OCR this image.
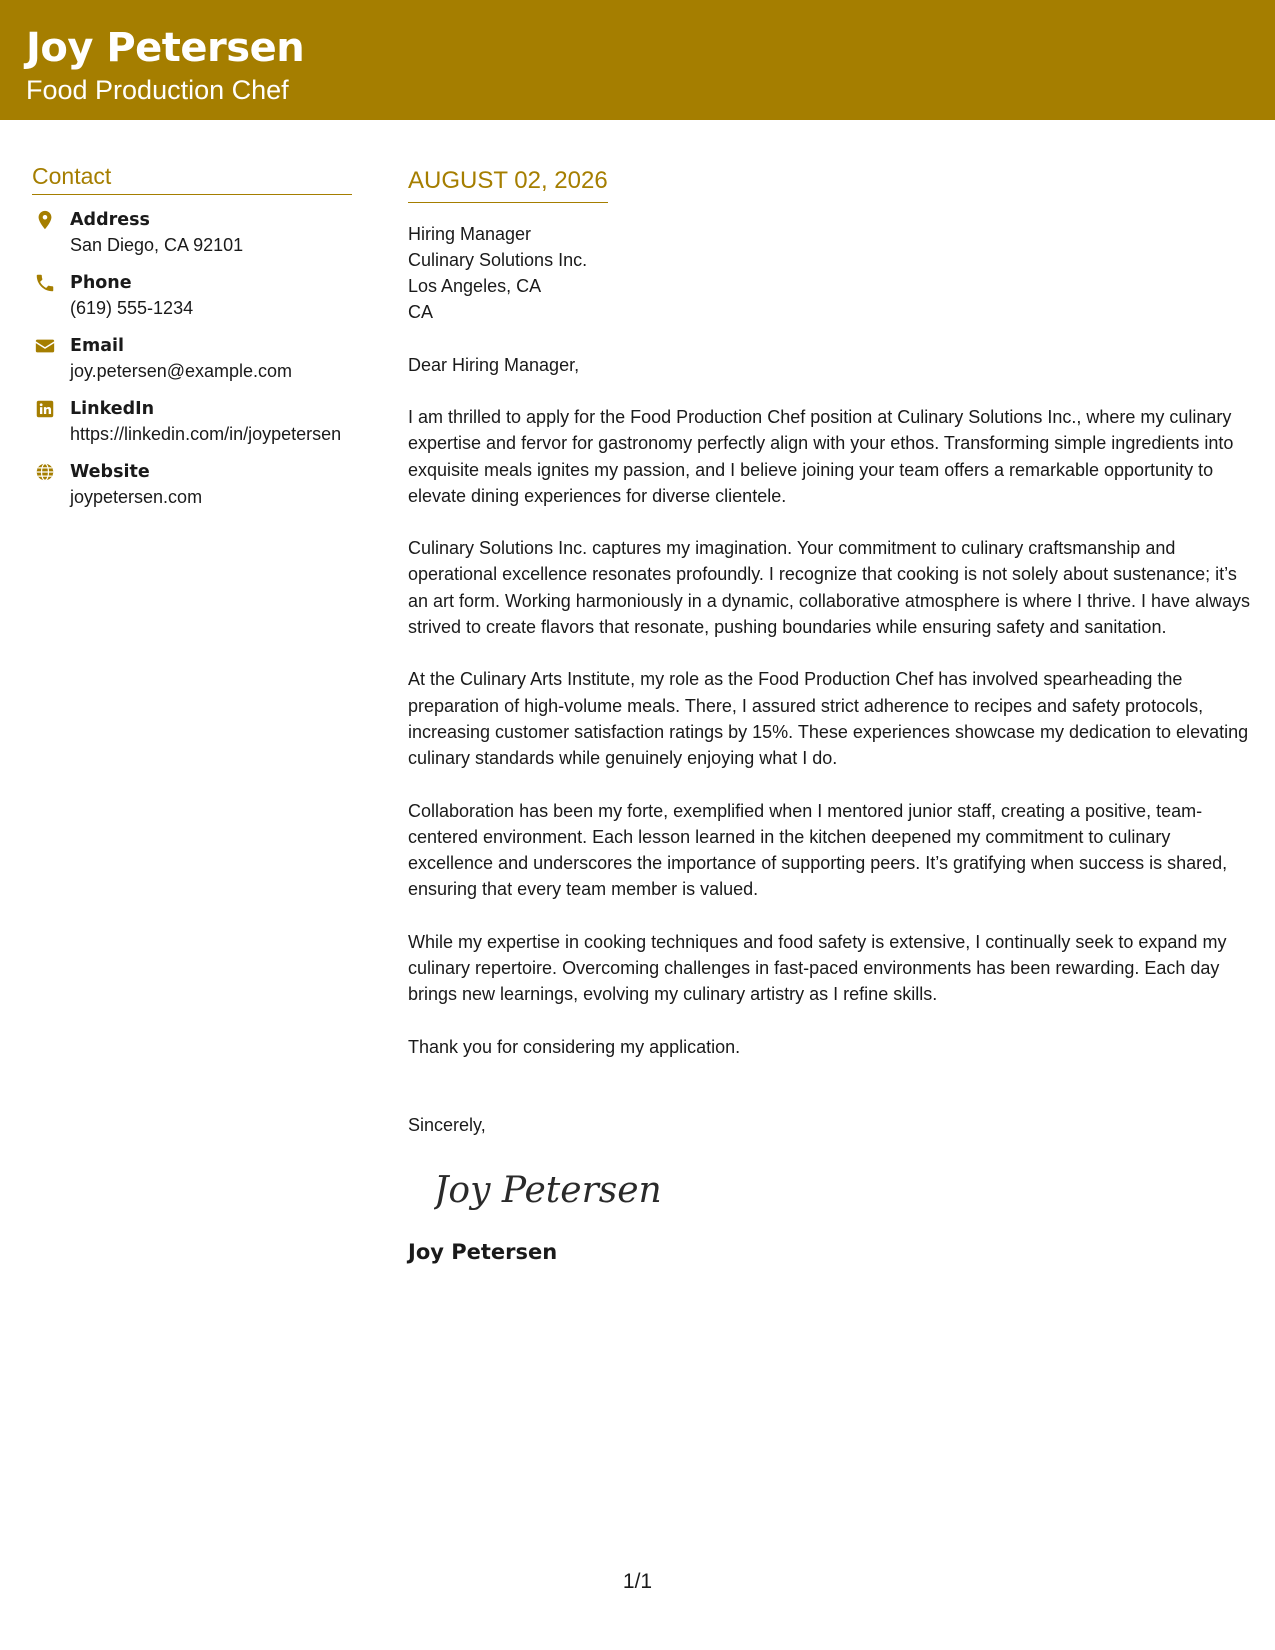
Joy Petersen
Food Production Chef
Contact
Address
San Diego, CA 92101
Phone
(619) 555-1234
Email
joy.petersen@example.com
LinkedIn
https://linkedin.com/in/joypetersen
Website
joypetersen.com
AUGUST 02, 2026
Hiring Manager
Culinary Solutions Inc.
Los Angeles, CA
CA
Dear Hiring Manager,

I am thrilled to apply for the Food Production Chef position at Culinary Solutions Inc., where my culinary expertise and fervor for gastronomy perfectly align with your ethos. Transforming simple ingredients into exquisite meals ignites my passion, and I believe joining your team offers a remarkable opportunity to elevate dining experiences for diverse clientele.

Culinary Solutions Inc. captures my imagination. Your commitment to culinary craftsmanship and operational excellence resonates profoundly. I recognize that cooking is not solely about sustenance; it’s an art form. Working harmoniously in a dynamic, collaborative atmosphere is where I thrive. I have always strived to create flavors that resonate, pushing boundaries while ensuring safety and sanitation.

At the Culinary Arts Institute, my role as the Food Production Chef has involved spearheading the preparation of high-volume meals. There, I assured strict adherence to recipes and safety protocols, increasing customer satisfaction ratings by 15%. These experiences showcase my dedication to elevating culinary standards while genuinely enjoying what I do.

Collaboration has been my forte, exemplified when I mentored junior staff, creating a positive, team-centered environment. Each lesson learned in the kitchen deepened my commitment to culinary excellence and underscores the importance of supporting peers. It’s gratifying when success is shared, ensuring that every team member is valued.

While my expertise in cooking techniques and food safety is extensive, I continually seek to expand my culinary repertoire. Overcoming challenges in fast-paced environments has been rewarding. Each day brings new learnings, evolving my culinary artistry as I refine skills.

Thank you for considering my application.

Sincerely,
Joy Petersen
Joy Petersen
1/1
